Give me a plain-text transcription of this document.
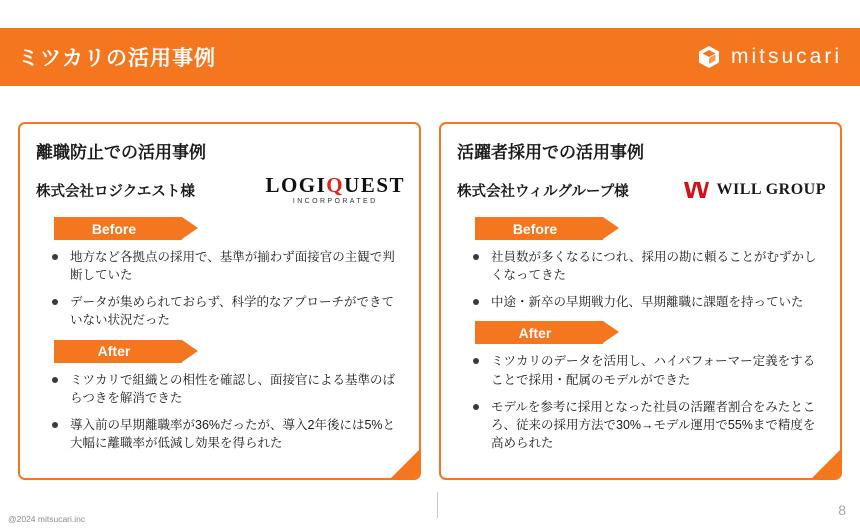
ミツカリの活用事例	mitsucari
離職防止での活用事例
株式会社ロジクエスト様	LOGIQUEST
INCORPORATED
Before
地方など各拠点の採用で、基準が揃わず面接官の主観で判断していた
データが集められておらず、科学的なアプローチができていない状況だった
After
ミツカリで組織との相性を確認し、面接官による基準のばらつきを解消できた
導入前の早期離職率が36%だったが、導入2年後には5%と大幅に離職率が低減し効果を得られた
活躍者採用での活用事例
株式会社ウィルグループ様	WILL GROUP
Before
社員数が多くなるにつれ、採用の勘に頼ることがむずかしくなってきた
中途・新卒の早期戦力化、早期離職に課題を持っていた
After
ミツカリのデータを活用し、ハイパフォーマー定義をすることで採用・配属のモデルができた
モデルを参考に採用となった社員の活躍者割合をみたところ、従来の採用方法で30%→モデル運用で55%まで精度を高められた
@2024 mitsucari.inc
8
